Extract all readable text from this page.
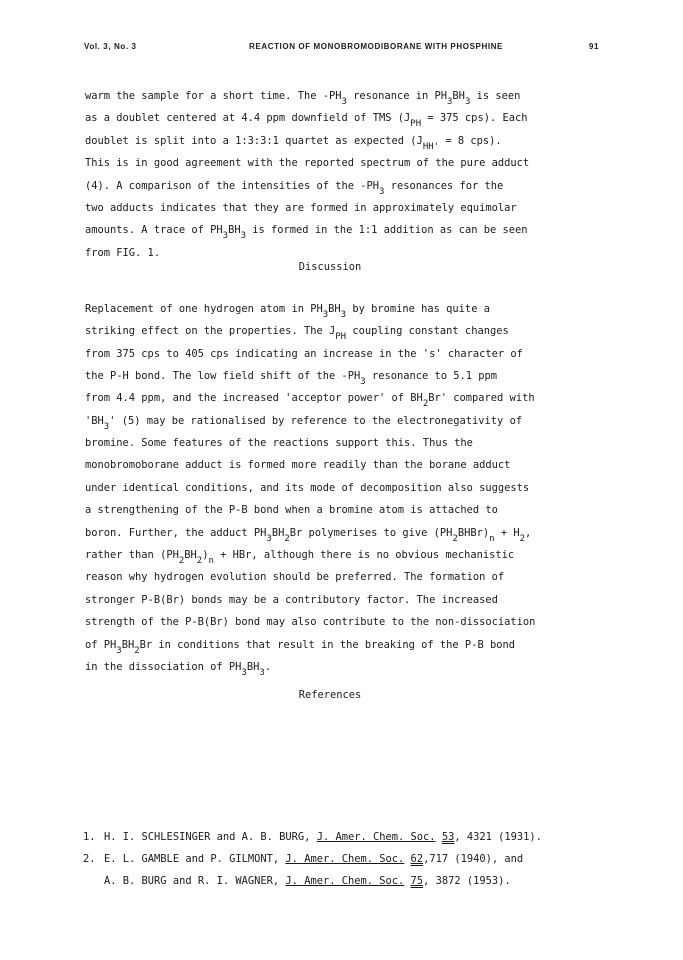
Vol. 3, No. 3	REACTION OF MONOBROMODIBORANE WITH PHOSPHINE	91
warm the sample for a short time. The $-PH_3$ resonance in $PH_3BH_3$ is seen
as a doublet centered at 4.4 ppm downfield of TMS ($J_{PH} = 375$ cps). Each
doublet is split into a 1:3:3:1 quartet as expected ($J_{HH'} = 8$ cps).
This is in good agreement with the reported spectrum of the pure adduct
(4). A comparison of the intensities of the $-PH_3$ resonances for the
two adducts indicates that they are formed in approximately equimolar
amounts. A trace of $PH_3BH_3$ is formed in the 1:1 addition as can be seen
from FIG. 1.
Discussion
Replacement of one hydrogen atom in $PH_3BH_3$ by bromine has quite a
striking effect on the properties. The $J_{PH}$ coupling constant changes
from 375 cps to 405 cps indicating an increase in the 's' character of
the P-H bond. The low field shift of the $-PH_3$ resonance to 5.1 ppm
from 4.4 ppm, and the increased 'acceptor power' of $BH_2Br'$ compared with
'$BH_3$' (5) may be rationalised by reference to the electronegativity of
bromine. Some features of the reactions support this. Thus the
monobromoborane adduct is formed more readily than the borane adduct
under identical conditions, and its mode of decomposition also suggests
a strengthening of the P-B bond when a bromine atom is attached to
boron. Further, the adduct $PH_3BH_2Br$ polymerises to give $(PH_2BHBr)_n + H_2$,
rather than $(PH_2BH_2)_n$ + HBr, although there is no obvious mechanistic
reason why hydrogen evolution should be preferred. The formation of
stronger P-B(Br) bonds may be a contributory factor. The increased
strength of the P-B(Br) bond may also contribute to the non-dissociation
of $PH_3BH_2Br$ in conditions that result in the breaking of the P-B bond
in the dissociation of $PH_3BH_3$.
References
1. H. I. SCHLESINGER and A. B. BURG, J. Amer. Chem. Soc. 53, 4321 (1931).
2. E. L. GAMBLE and P. GILMONT, J. Amer. Chem. Soc. 62,717 (1940), and
A. B. BURG and R. I. WAGNER, J. Amer. Chem. Soc. 75, 3872 (1953).
